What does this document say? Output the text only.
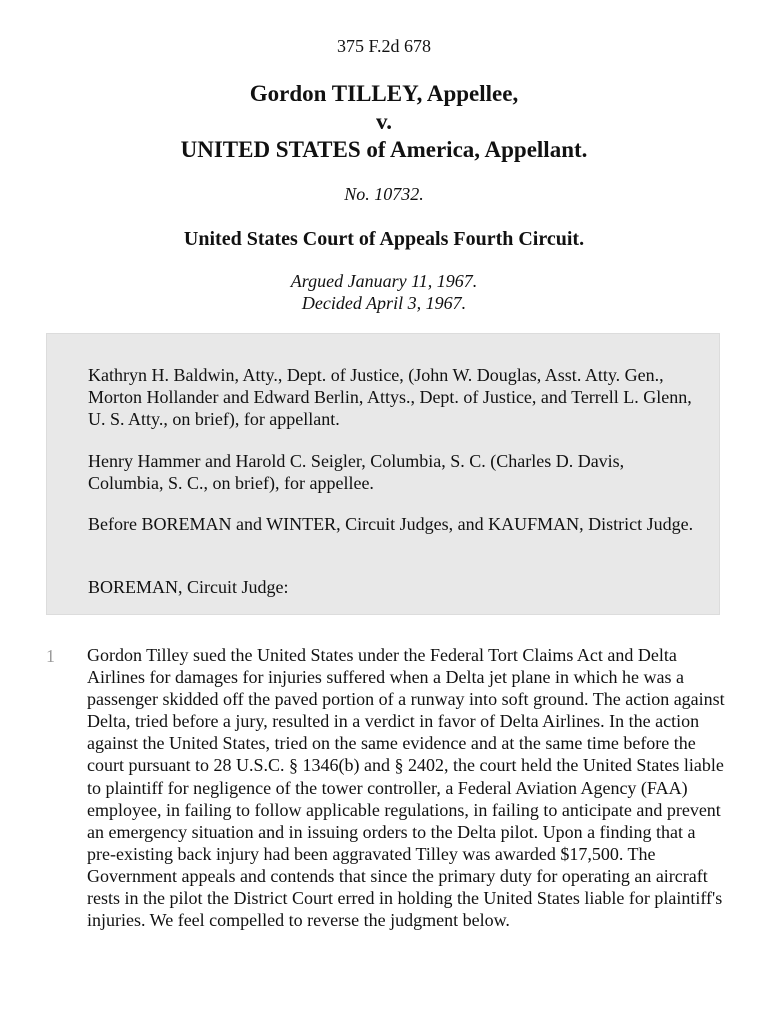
375 F.2d 678
Gordon TILLEY, Appellee,
v.
UNITED STATES of America, Appellant.
No. 10732.
United States Court of Appeals Fourth Circuit.
Argued January 11, 1967.
Decided April 3, 1967.

Kathryn H. Baldwin, Atty., Dept. of Justice, (John W. Douglas, Asst. Atty. Gen., Morton Hollander and Edward Berlin, Attys., Dept. of Justice, and Terrell L. Glenn, U. S. Atty., on brief), for appellant.

Henry Hammer and Harold C. Seigler, Columbia, S. C. (Charles D. Davis, Columbia, S. C., on brief), for appellee.

Before BOREMAN and WINTER, Circuit Judges, and KAUFMAN, District Judge.

BOREMAN, Circuit Judge:

1 Gordon Tilley sued the United States under the Federal Tort Claims Act and Delta Airlines for damages for injuries suffered when a Delta jet plane in which he was a passenger skidded off the paved portion of a runway into soft ground. The action against Delta, tried before a jury, resulted in a verdict in favor of Delta Airlines. In the action against the United States, tried on the same evidence and at the same time before the court pursuant to 28 U.S.C. § 1346(b) and § 2402, the court held the United States liable to plaintiff for negligence of the tower controller, a Federal Aviation Agency (FAA) employee, in failing to follow applicable regulations, in failing to anticipate and prevent an emergency situation and in issuing orders to the Delta pilot. Upon a finding that a pre-existing back injury had been aggravated Tilley was awarded $17,500. The Government appeals and contends that since the primary duty for operating an aircraft rests in the pilot the District Court erred in holding the United States liable for plaintiff's injuries. We feel compelled to reverse the judgment below.
